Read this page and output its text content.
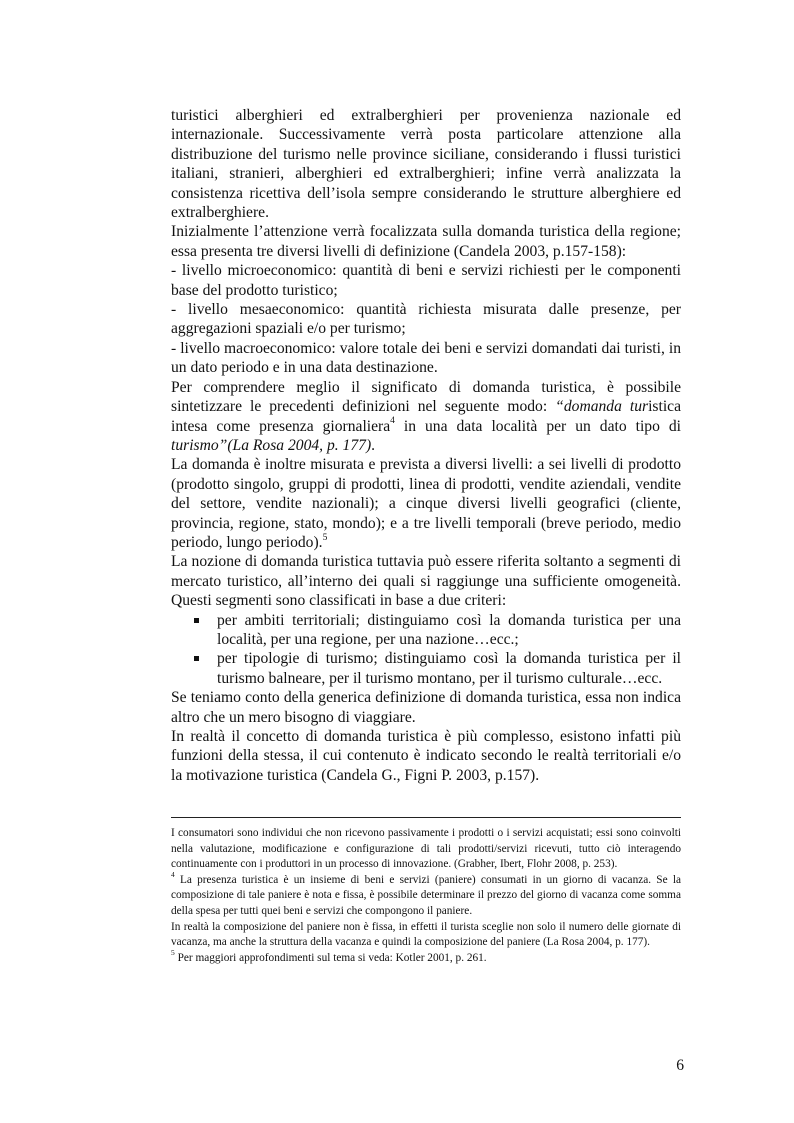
turistici alberghieri ed extralberghieri per provenienza nazionale ed internazionale. Successivamente verrà posta particolare attenzione alla distribuzione del turismo nelle province siciliane, considerando i flussi turistici italiani, stranieri, alberghieri ed extralberghieri; infine verrà analizzata la consistenza ricettiva dell’isola sempre considerando le strutture alberghiere ed extralberghiere.

Inizialmente l’attenzione verrà focalizzata sulla domanda turistica della regione; essa presenta tre diversi livelli di definizione (Candela 2003, p.157-158):

- livello microeconomico: quantità di beni e servizi richiesti per le componenti base del prodotto turistico;

- livello mesaeconomico: quantità richiesta misurata dalle presenze, per aggregazioni spaziali e/o per turismo;

- livello macroeconomico: valore totale dei beni e servizi domandati dai turisti, in un dato periodo e in una data destinazione.

Per comprendere meglio il significato di domanda turistica, è possibile sintetizzare le precedenti definizioni nel seguente modo: “domanda turistica intesa come presenza giornaliera$^4$ in una data località per un dato tipo di turismo”(La Rosa 2004, p. 177).

La domanda è inoltre misurata e prevista a diversi livelli: a sei livelli di prodotto (prodotto singolo, gruppi di prodotti, linea di prodotti, vendite aziendali, vendite del settore, vendite nazionali); a cinque diversi livelli geografici (cliente, provincia, regione, stato, mondo); e a tre livelli temporali (breve periodo, medio periodo, lungo periodo).$^5$

La nozione di domanda turistica tuttavia può essere riferita soltanto a segmenti di mercato turistico, all’interno dei quali si raggiunge una sufficiente omogeneità. Questi segmenti sono classificati in base a due criteri:

per ambiti territoriali; distinguiamo così la domanda turistica per una località, per una regione, per una nazione…ecc.;
per tipologie di turismo; distinguiamo così la domanda turistica per il turismo balneare, per il turismo montano, per il turismo culturale…ecc.

Se teniamo conto della generica definizione di domanda turistica, essa non indica altro che un mero bisogno di viaggiare.

In realtà il concetto di domanda turistica è più complesso, esistono infatti più funzioni della stessa, il cui contenuto è indicato secondo le realtà territoriali e/o la motivazione turistica (Candela G., Figni P. 2003, p.157).

I consumatori sono individui che non ricevono passivamente i prodotti o i servizi acquistati; essi sono coinvolti nella valutazione, modificazione e configurazione di tali prodotti/servizi ricevuti, tutto ciò interagendo continuamente con i produttori in un processo di innovazione. (Grabher, Ibert, Flohr 2008, p. 253).

$^4$ La presenza turistica è un insieme di beni e servizi (paniere) consumati in un giorno di vacanza. Se la composizione di tale paniere è nota e fissa, è possibile determinare il prezzo del giorno di vacanza come somma della spesa per tutti quei beni e servizi che compongono il paniere.

In realtà la composizione del paniere non è fissa, in effetti il turista sceglie non solo il numero delle giornate di vacanza, ma anche la struttura della vacanza e quindi la composizione del paniere (La Rosa 2004, p. 177).

$^5$ Per maggiori approfondimenti sul tema si veda: Kotler 2001, p. 261.

6
